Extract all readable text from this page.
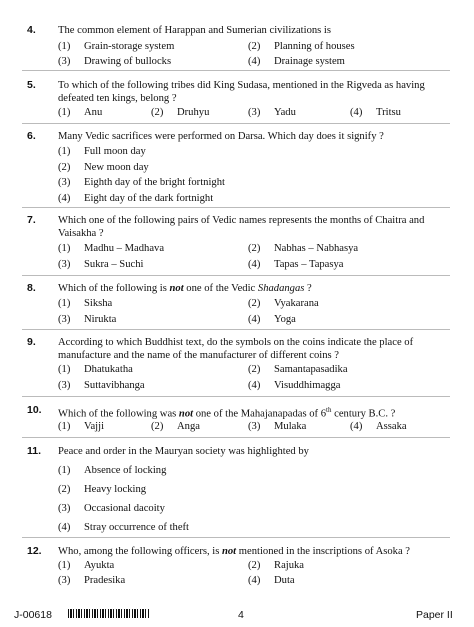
4. The common element of Harappan and Sumerian civilizations is
(1) Grain-storage system	(2) Planning of houses
(3) Drawing of bullocks	(4) Drainage system
5. To which of the following tribes did King Sudasa, mentioned in the Rigveda as having defeated ten kings, belong ?
(1) Anu	(2) Druhyu	(3) Yadu	(4) Tritsu
6. Many Vedic sacrifices were performed on Darsa. Which day does it signify ?
(1) Full moon day
(2) New moon day
(3) Eighth day of the bright fortnight
(4) Eight day of the dark fortnight
7. Which one of the following pairs of Vedic names represents the months of Chaitra and Vaisakha ?
(1) Madhu – Madhava	(2) Nabhas – Nabhasya
(3) Sukra – Suchi	(4) Tapas – Tapasya
8. Which of the following is not one of the Vedic Shadangas ?
(1) Siksha	(2) Vyakarana
(3) Nirukta	(4) Yoga
9. According to which Buddhist text, do the symbols on the coins indicate the place of manufacture and the name of the manufacturer of different coins ?
(1) Dhatukatha	(2) Samantapasadika
(3) Suttavibhanga	(4) Visuddhimagga
10. Which of the following was not one of the Mahajanapadas of 6th century B.C. ?
(1) Vajji	(2) Anga	(3) Mulaka	(4) Assaka
11. Peace and order in the Mauryan society was highlighted by
(1) Absence of locking
(2) Heavy locking
(3) Occasional dacoity
(4) Stray occurrence of theft
12. Who, among the following officers, is not mentioned in the inscriptions of Asoka ?
(1) Ayukta	(2) Rajuka
(3) Pradesika	(4) Duta
J-00618	4	Paper II
